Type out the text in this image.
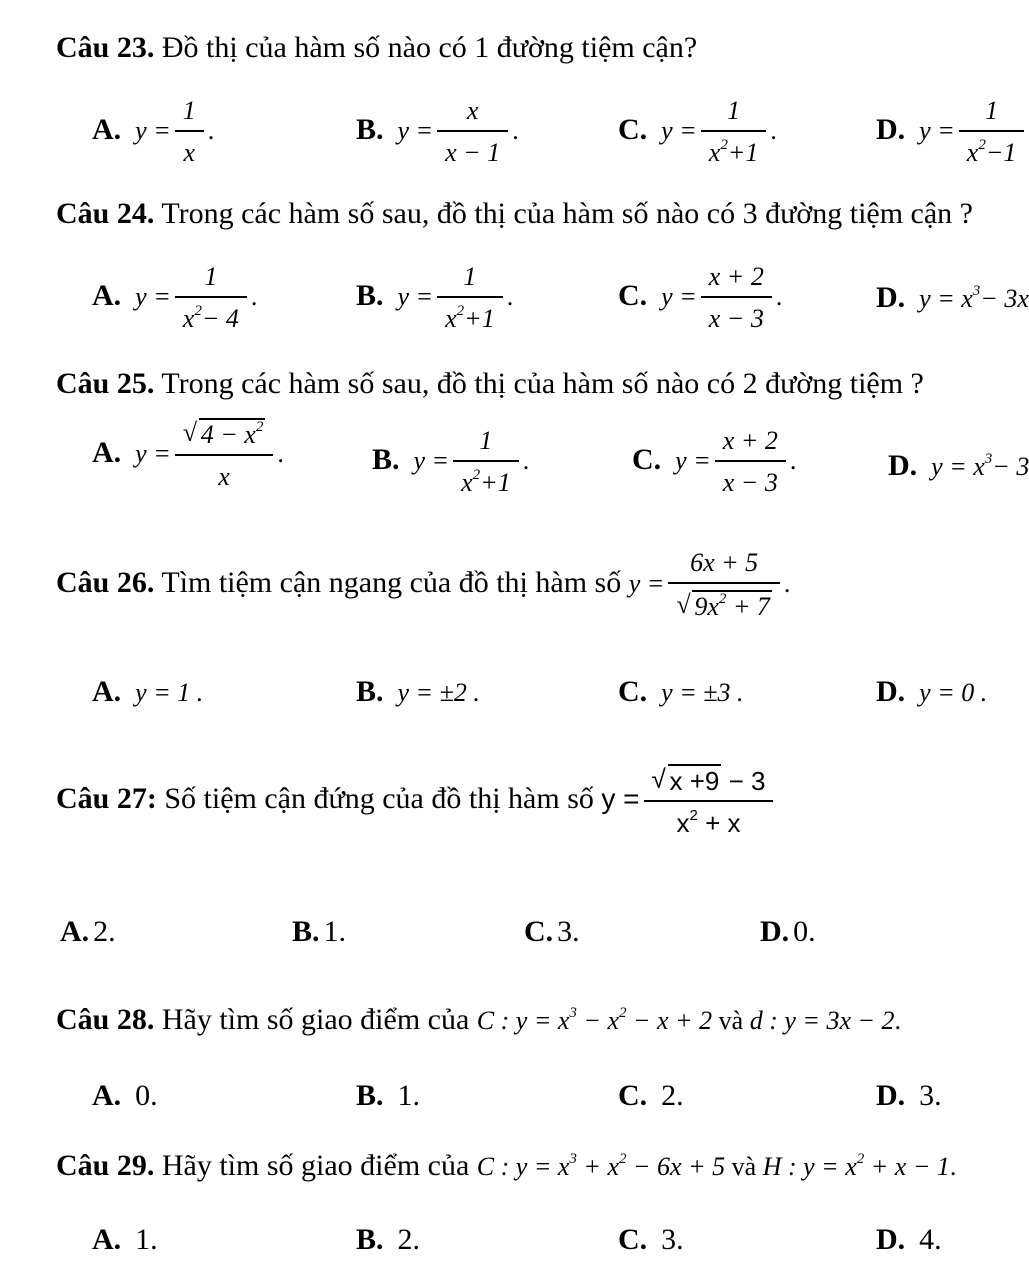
Câu 23. Đồ thị của hàm số nào có 1 đường tiệm cận?
A. $y = \frac{1}{x}$ .	B. $y = \frac{x}{x - 1}$ .	C. $y = \frac{1}{x^2+1}$ .	D. $y = \frac{1}{x^2-1}$
Câu 24. Trong các hàm số sau, đồ thị của hàm số nào có 3 đường tiệm cận ?
A. $y = \frac{1}{x^2- 4}$ .	B. $y = \frac{1}{x^2+1}$ .	C. $y = \frac{x + 2}{x - 3}$ .	D. $y = x^3- 3x$
Câu 25. Trong các hàm số sau, đồ thị của hàm số nào có 2 đường tiệm ?
A. y = √ $\frac{4 - x^2}{x}$ .	B. $y = \frac{1}{x^2+1}$ .	C. $y = \frac{x + 2}{x - 3}$ .	D. $y = x^3- 3$
Câu 26. Tìm tiệm cận ngang của đồ thị hàm số y = 6x + 5
√ $9x^2 + 7$ .
A. y = 1 .	B. y = ±2 .	C. y = ±3 .	D. y = 0 .
Câu 27: Số tiệm cận đứng của đồ thị hàm số y = √ $\frac{x +9 - 3}{x^2 + x}$
A. 2.	B. 1.	C. 3.	D. 0.
Câu 28. Hãy tìm số giao điểm của C : $y = x^3 - x^2 - x + 2$ và d : y = 3x − 2.
A. 0.	B. 1.	C. 2.	D. 3.
Câu 29. Hãy tìm số giao điểm của C : $y = x^3 + x^2 - 6x + 5$ và H : $y = x^2 + x - 1$.
A. 1.	B. 2.	C. 3.	D. 4.
